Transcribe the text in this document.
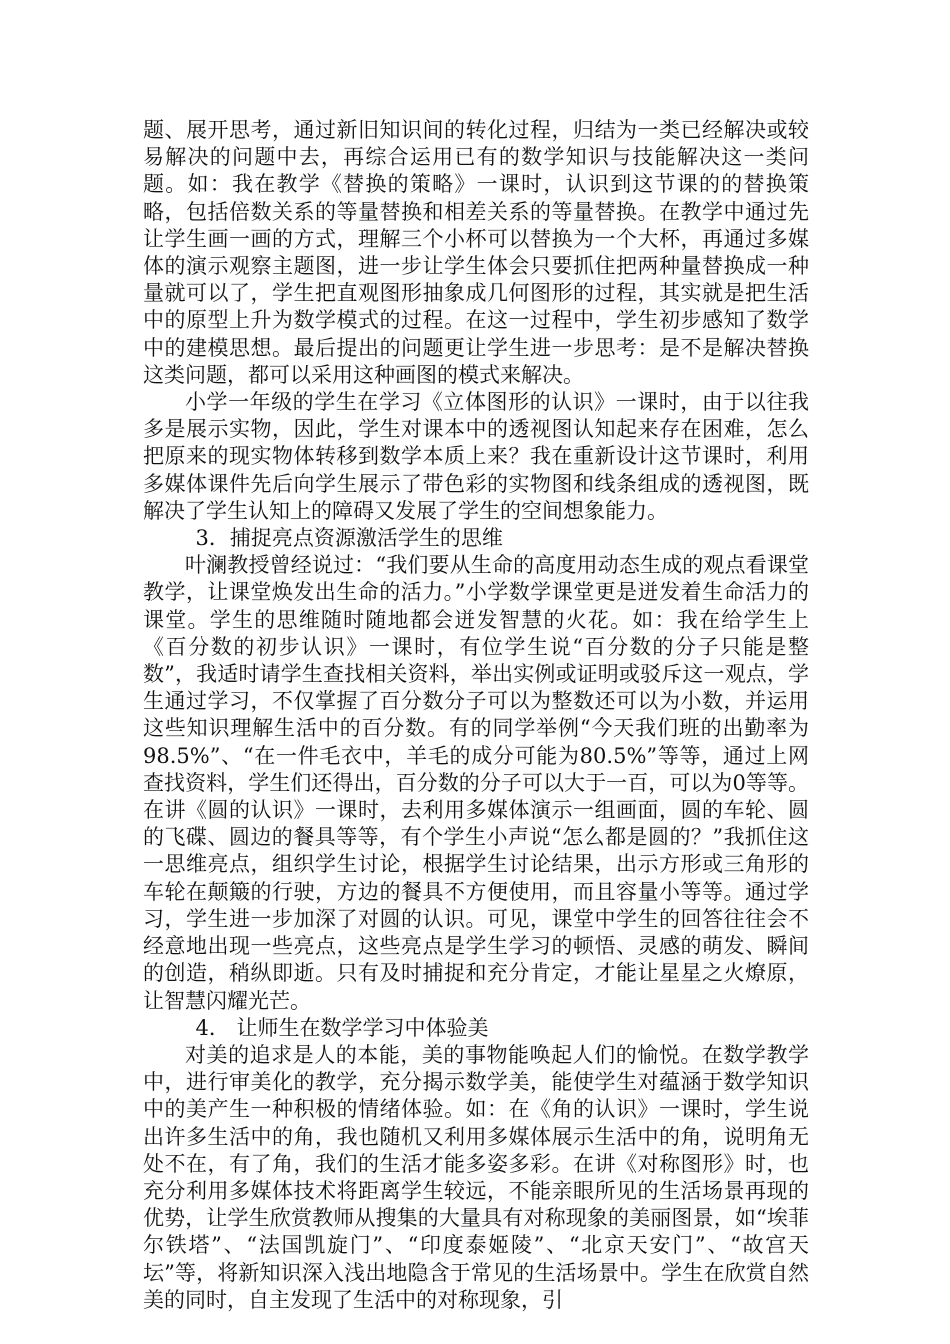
题、展开思考，通过新旧知识间的转化过程，归结为一类已经解决或较易解决的问题中去，再综合运用已有的数学知识与技能解决这一类问题。如：我在教学《替换的策略》一课时，认识到这节课的的替换策略，包括倍数关系的等量替换和相差关系的等量替换。在教学中通过先让学生画一画的方式，理解三个小杯可以替换为一个大杯，再通过多媒体的演示观察主题图，进一步让学生体会只要抓住把两种量替换成一种量就可以了，学生把直观图形抽象成几何图形的过程，其实就是把生活中的原型上升为数学模式的过程。在这一过程中，学生初步感知了数学中的建模思想。最后提出的问题更让学生进一步思考：是不是解决替换这类问题，都可以采用这种画图的模式来解决。

小学一年级的学生在学习《立体图形的认识》一课时，由于以往我多是展示实物，因此，学生对课本中的透视图认知起来存在困难，怎么把原来的现实物体转移到数学本质上来？我在重新设计这节课时，利用多媒体课件先后向学生展示了带色彩的实物图和线条组成的透视图，既解决了学生认知上的障碍又发展了学生的空间想象能力。

3．捕捉亮点资源激活学生的思维

叶澜教授曾经说过：“我们要从生命的高度用动态生成的观点看课堂教学，让课堂焕发出生命的活力。”小学数学课堂更是迸发着生命活力的课堂。学生的思维随时随地都会迸发智慧的火花。如：我在给学生上《百分数的初步认识》一课时，有位学生说“百分数的分子只能是整数”，我适时请学生查找相关资料，举出实例或证明或驳斥这一观点，学生通过学习，不仅掌握了百分数分子可以为整数还可以为小数，并运用这些知识理解生活中的百分数。有的同学举例“今天我们班的出勤率为98.5%”、“在一件毛衣中，羊毛的成分可能为80.5%”等等，通过上网查找资料，学生们还得出，百分数的分子可以大于一百，可以为0等等。在讲《圆的认识》一课时，去利用多媒体演示一组画面，圆的车轮、圆的飞碟、圆边的餐具等等，有个学生小声说“怎么都是圆的？”我抓住这一思维亮点，组织学生讨论，根据学生讨论结果，出示方形或三角形的车轮在颠簸的行驶，方边的餐具不方便使用，而且容量小等等。通过学习，学生进一步加深了对圆的认识。可见，课堂中学生的回答往往会不经意地出现一些亮点，这些亮点是学生学习的顿悟、灵感的萌发、瞬间的创造，稍纵即逝。只有及时捕捉和充分肯定，才能让星星之火燎原，让智慧闪耀光芒。

4． 让师生在数学学习中体验美

对美的追求是人的本能，美的事物能唤起人们的愉悦。在数学教学中，进行审美化的教学，充分揭示数学美，能使学生对蕴涵于数学知识中的美产生一种积极的情绪体验。如：在《角的认识》一课时，学生说出许多生活中的角，我也随机又利用多媒体展示生活中的角，说明角无处不在，有了角，我们的生活才能多姿多彩。在讲《对称图形》时，也充分利用多媒体技术将距离学生较远，不能亲眼所见的生活场景再现的优势，让学生欣赏教师从搜集的大量具有对称现象的美丽图景，如“埃菲尔铁塔”、“法国凯旋门”、“印度泰姬陵”、“北京天安门”、“故宫天坛”等，将新知识深入浅出地隐含于常见的生活场景中。学生在欣赏自然美的同时，自主发现了生活中的对称现象，引
